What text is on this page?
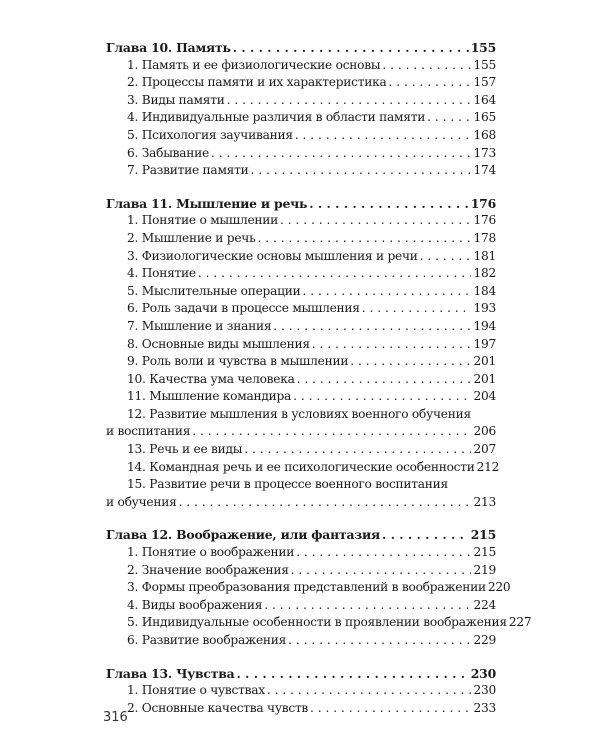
Глава 10. Память . . .	155
1. Память и ее физиологические основы . . .	155
2. Процессы памяти и их характеристика . . .	157
3. Виды памяти . . .	164
4. Индивидуальные различия в области памяти . . .	165
5. Психология заучивания . . .	168
6. Забывание . . .	173
7. Развитие памяти . . .	174
Глава 11. Мышление и речь . . .	176
1. Понятие о мышлении . . .	176
2. Мышление и речь . . .	178
3. Физиологические основы мышления и речи . . .	181
4. Понятие . . .	182
5. Мыслительные операции . . .	184
6. Роль задачи в процессе мышления . . .	193
7. Мышление и знания . . .	194
8. Основные виды мышления . . .	197
9. Роль воли и чувства в мышлении . . .	201
10. Качества ума человека . . .	201
11. Мышление командира . . .	204
12. Развитие мышления в условиях военного обучения
и воспитания . . .	206
13. Речь и ее виды . . .	207
14. Командная речь и ее психологические особенности 212
15. Развитие речи в процессе военного воспитания
и обучения . . .	213
Глава 12. Воображение, или фантазия . . .	215
1. Понятие о воображении . . .	215
2. Значение воображения . . .	219
3. Формы преобразования представлений в воображении 220
4. Виды воображения . . .	224
5. Индивидуальные особенности в проявлении воображения 227
6. Развитие воображения . . .	229
Глава 13. Чувства . . .	230
1. Понятие о чувствах . . .	230
2. Основные качества чувств . . .	233
316
